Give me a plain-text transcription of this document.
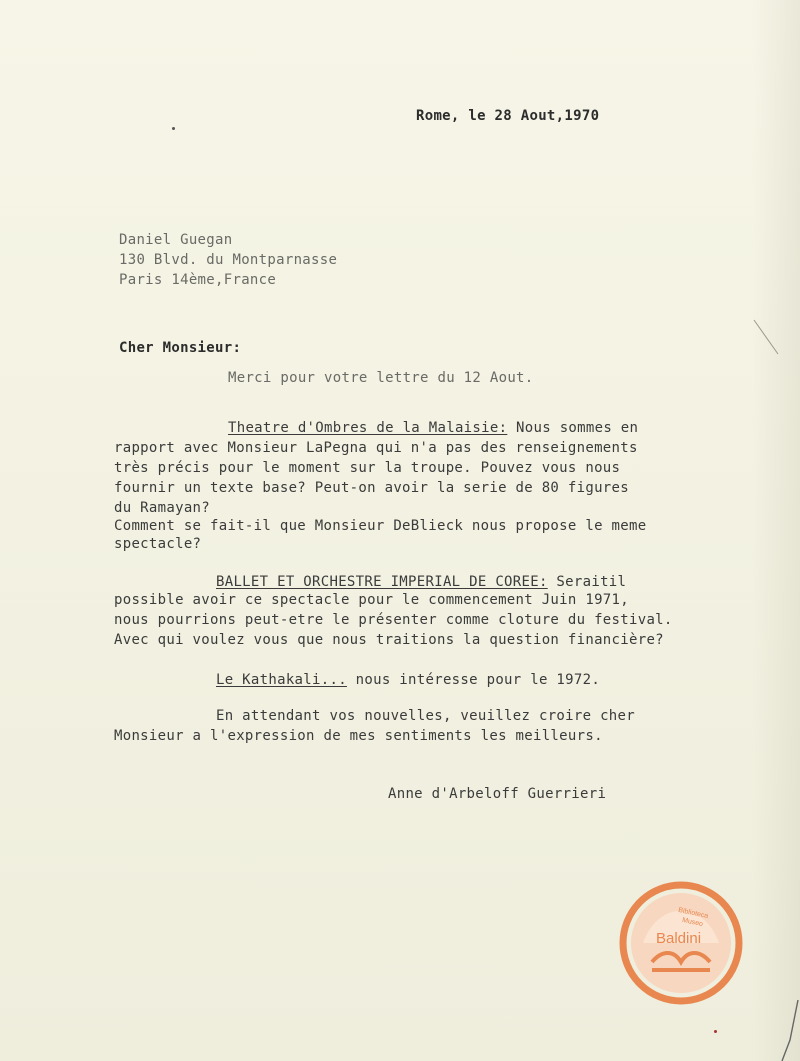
Rome, le 28 Aout,1970
Daniel Guegan
130 Blvd. du Montparnasse
Paris 14ème,France
Cher Monsieur:
Merci pour votre lettre du 12 Aout.
Theatre d'Ombres de la Malaisie: Nous sommes en
rapport avec Monsieur LaPegna qui n'a pas des renseignements
très précis pour le moment sur la troupe. Pouvez vous nous
fournir un texte base? Peut-on avoir la serie de 80 figures
du Ramayan?
Comment se fait-il que Monsieur DeBlieck nous propose le meme
spectacle?
BALLET ET ORCHESTRE IMPERIAL DE COREE: Seraitil
possible avoir ce spectacle pour le commencement Juin 1971,
nous pourrions peut-etre le présenter comme cloture du festival.
Avec qui voulez vous que nous traitions la question financière?
Le Kathakali... nous intéresse pour le 1972.
En attendant vos nouvelles, veuillez croire cher
Monsieur a l'expression de mes sentiments les meilleurs.
Anne d'Arbeloff Guerrieri
Biblioteca
Museo
Baldini
